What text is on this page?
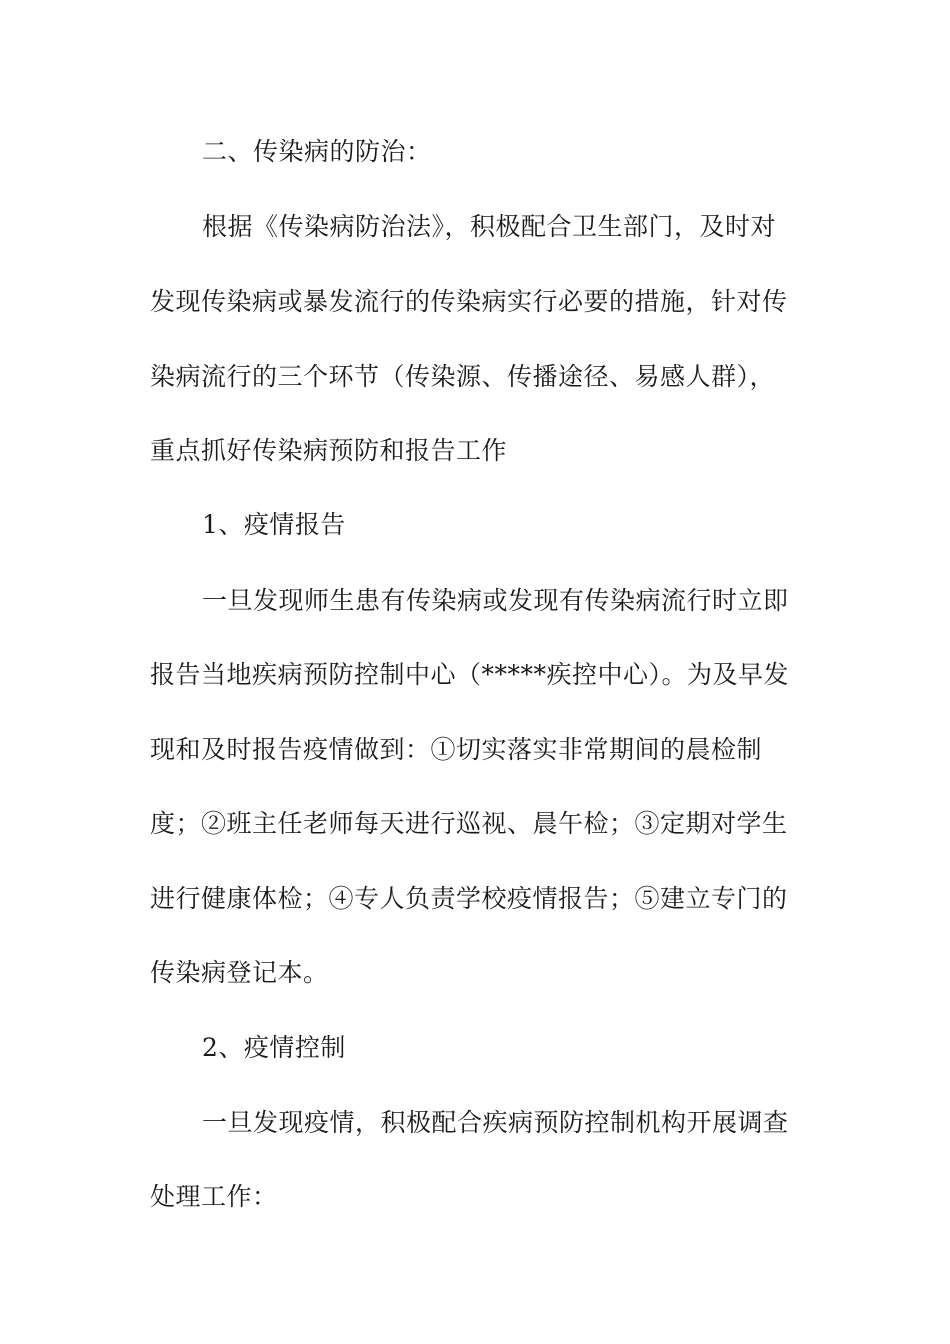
二、传染病的防治：
根据《传染病防治法》，积极配合卫生部门，及时对
发现传染病或暴发流行的传染病实行必要的措施，针对传
染病流行的三个环节（传染源、传播途径、易感人群），
重点抓好传染病预防和报告工作
1、疫情报告
一旦发现师生患有传染病或发现有传染病流行时立即
报告当地疾病预防控制中心（*****疾控中心）。为及早发
现和及时报告疫情做到：①切实落实非常期间的晨检制
度；②班主任老师每天进行巡视、晨午检；③定期对学生
进行健康体检；④专人负责学校疫情报告；⑤建立专门的
传染病登记本。
2、疫情控制
一旦发现疫情，积极配合疾病预防控制机构开展调查
处理工作：
